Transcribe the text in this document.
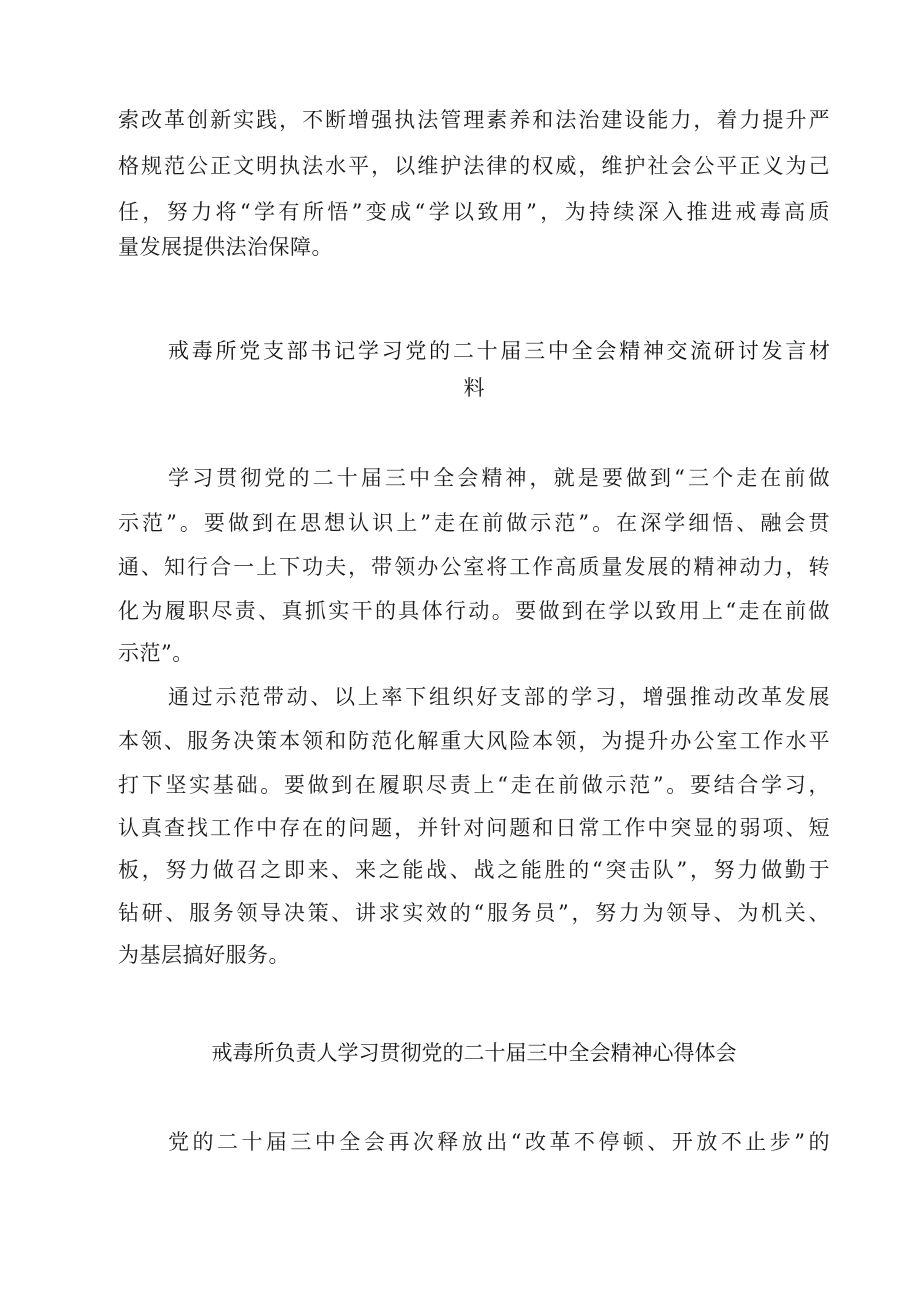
索改革创新实践，不断增强执法管理素养和法治建设能力，着力提升严
格规范公正文明执法水平，以维护法律的权威，维护社会公平正义为己
任，努力将“学有所悟”变成“学以致用”，为持续深入推进戒毒高质
量发展提供法治保障。
戒毒所党支部书记学习党的二十届三中全会精神交流研讨发言材
料
学习贯彻党的二十届三中全会精神，就是要做到“三个走在前做
示范”。要做到在思想认识上”走在前做示范”。在深学细悟、融会贯
通、知行合一上下功夫，带领办公室将工作高质量发展的精神动力，转
化为履职尽责、真抓实干的具体行动。要做到在学以致用上“走在前做
示范”。
通过示范带动、以上率下组织好支部的学习，增强推动改革发展
本领、服务决策本领和防范化解重大风险本领，为提升办公室工作水平
打下坚实基础。要做到在履职尽责上“走在前做示范”。要结合学习，
认真查找工作中存在的问题，并针对问题和日常工作中突显的弱项、短
板，努力做召之即来、来之能战、战之能胜的“突击队”，努力做勤于
钻研、服务领导决策、讲求实效的“服务员”，努力为领导、为机关、
为基层搞好服务。
戒毒所负责人学习贯彻党的二十届三中全会精神心得体会
党的二十届三中全会再次释放出“改革不停顿、开放不止步”的
